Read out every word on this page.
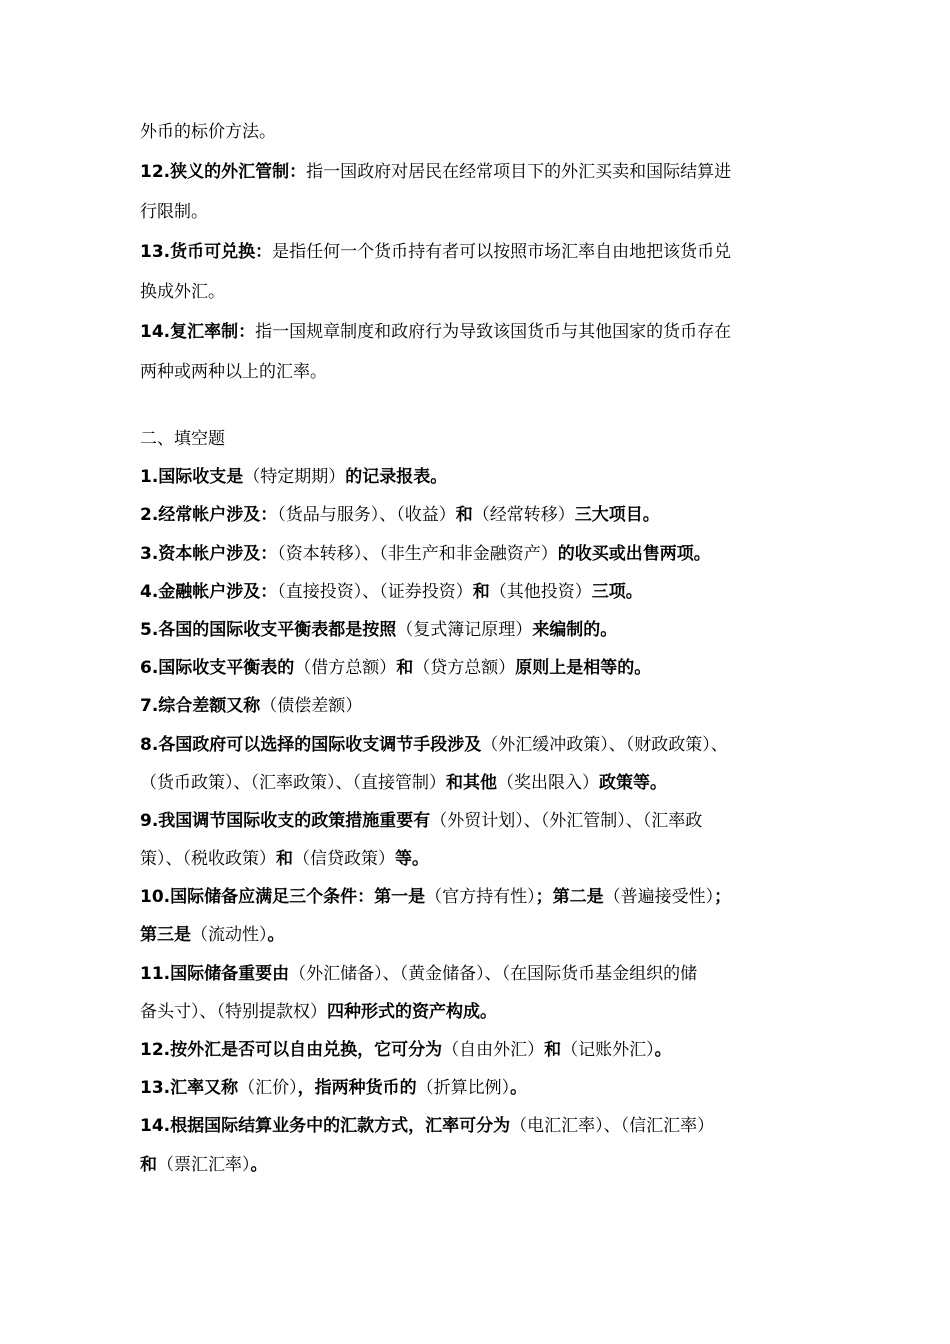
外币的标价方法。
12.狭义的外汇管制：指一国政府对居民在经常项目下的外汇买卖和国际结算进
行限制。
13.货币可兑换：是指任何一个货币持有者可以按照市场汇率自由地把该货币兑
换成外汇。
14.复汇率制：指一国规章制度和政府行为导致该国货币与其他国家的货币存在
两种或两种以上的汇率。
二、填空题
1.国际收支是（特定期期）的记录报表。
2.经常帐户涉及：（货品与服务）、（收益）和（经常转移）三大项目。
3.资本帐户涉及：（资本转移）、（非生产和非金融资产）的收买或出售两项。
4.金融帐户涉及：（直接投资）、（证券投资）和（其他投资）三项。
5.各国的国际收支平衡表都是按照（复式簿记原理）来编制的。
6.国际收支平衡表的（借方总额）和（贷方总额）原则上是相等的。
7.综合差额又称（债偿差额）
8.各国政府可以选择的国际收支调节手段涉及（外汇缓冲政策）、（财政政策）、
（货币政策）、（汇率政策）、（直接管制）和其他（奖出限入）政策等。
9.我国调节国际收支的政策措施重要有（外贸计划）、（外汇管制）、（汇率政
策）、（税收政策）和（信贷政策）等。
10.国际储备应满足三个条件：第一是（官方持有性）；第二是（普遍接受性）；
第三是（流动性）。
11.国际储备重要由（外汇储备）、（黄金储备）、（在国际货币基金组织的储
备头寸）、（特别提款权）四种形式的资产构成。
12.按外汇是否可以自由兑换，它可分为（自由外汇）和（记账外汇）。
13.汇率又称（汇价），指两种货币的（折算比例）。
14.根据国际结算业务中的汇款方式，汇率可分为（电汇汇率）、（信汇汇率）
和（票汇汇率）。
